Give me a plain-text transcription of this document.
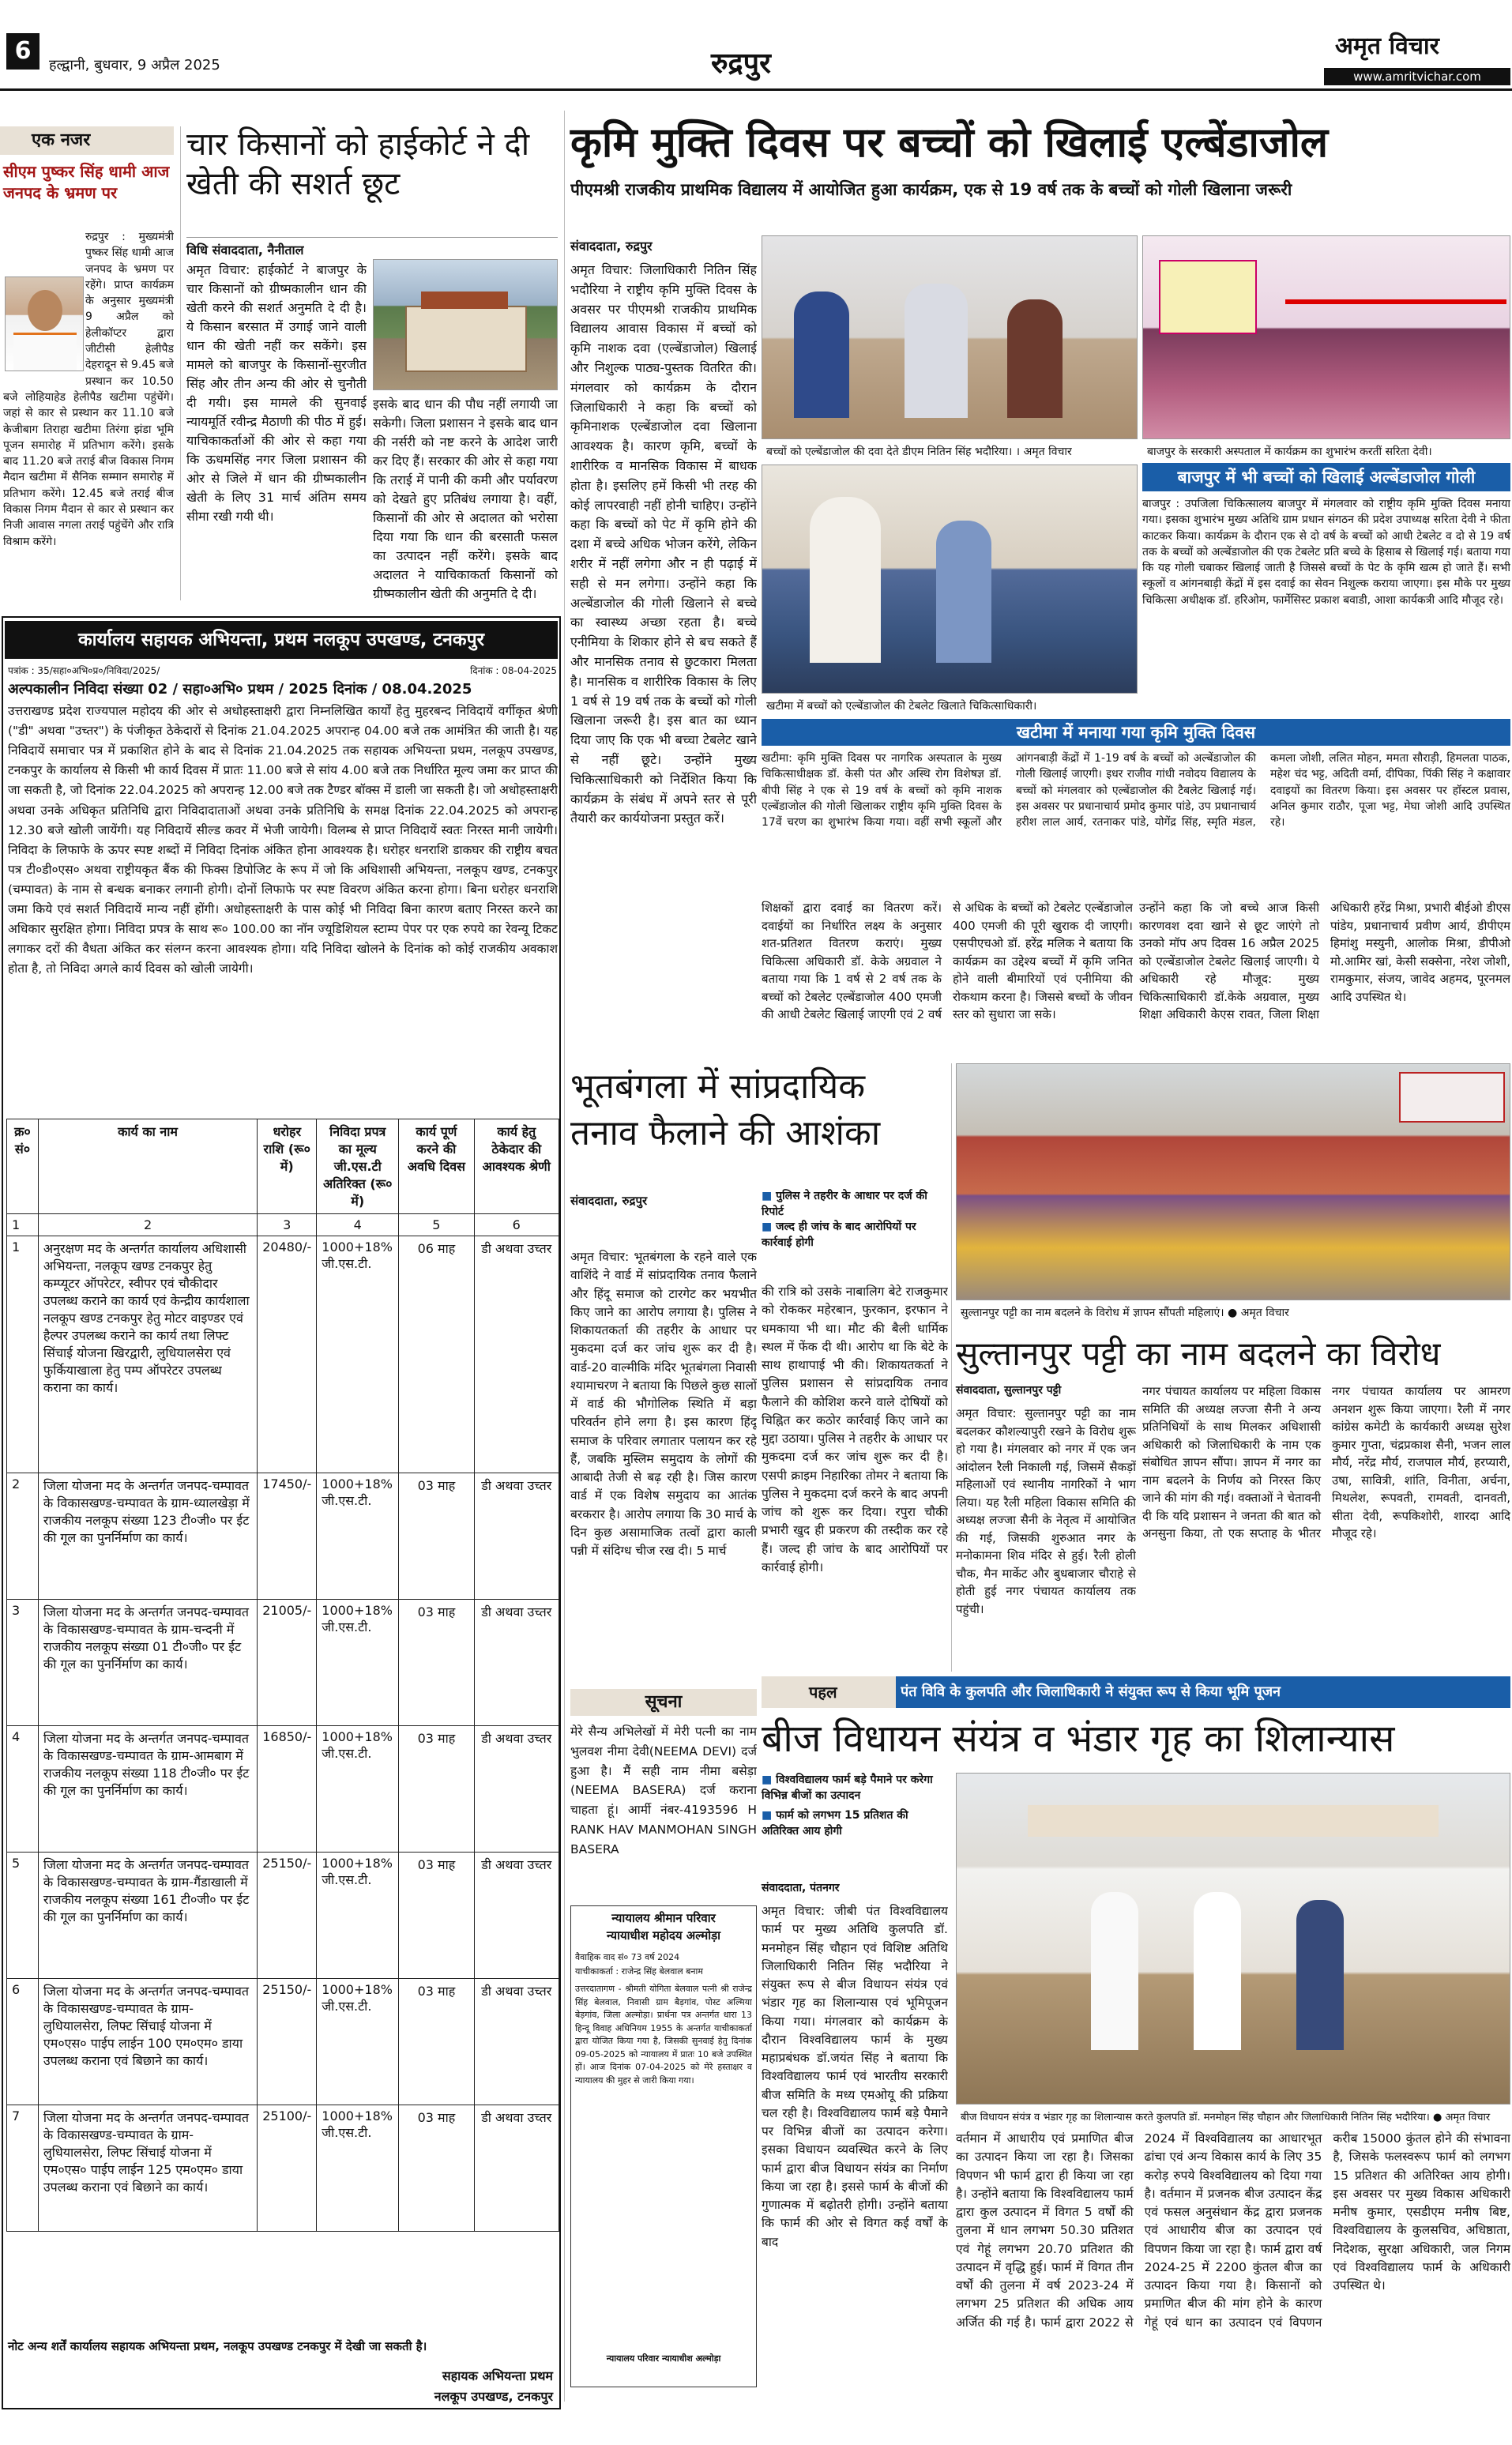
6
हल्द्वानी, बुधवार, 9 अप्रैल 2025	रुद्रपुर
अमृत विचार
www.amritvichar.com
एक नजर
सीएम पुष्कर सिंह धामी आज जनपद के भ्रमण पर
रुद्रपुर : मुख्यमंत्री पुष्कर सिंह धामी आज जनपद के भ्रमण पर रहेंगे। प्राप्त कार्यक्रम के अनुसार मुख्यमंत्री 9 अप्रैल को हेलीकॉप्टर द्वारा जीटीसी हेलीपैड देहरादून से 9.45 बजे प्रस्थान कर 10.50 बजे लोहियाहेड हेलीपैड खटीमा पहुंचेंगे। जहां से कार से प्रस्थान कर 11.10 बजे केजीबाग तिराहा खटीमा तिरंगा झंडा भूमि पूजन समारोह में प्रतिभाग करेंगे। इसके बाद 11.20 बजे तराई बीज विकास निगम मैदान खटीमा में सैनिक सम्मान समारोह में प्रतिभाग करेंगे। 12.45 बजे तराई बीज विकास निगम मैदान से कार से प्रस्थान कर निजी आवास नगला तराई पहुंचेंगे और रात्रि विश्राम करेंगे।
चार किसानों को हाईकोर्ट ने दी खेती की सशर्त छूट
विधि संवाददाता, नैनीताल
अमृत विचार: हाईकोर्ट ने बाजपुर के चार किसानों को ग्रीष्मकालीन धान की खेती करने की सशर्त अनुमति दे दी है। ये किसान बरसात में उगाई जाने वाली धान की खेती नहीं कर सकेंगे। इस मामले को बाजपुर के किसानों-सुरजीत सिंह और तीन अन्य की ओर से चुनौती दी गयी। इस मामले की सुनवाई न्यायमूर्ति रवीन्द्र मैठाणी की पीठ में हुई। याचिकाकर्ताओं की ओर से कहा गया कि ऊधमसिंह नगर जिला प्रशासन की ओर से जिले में धान की ग्रीष्मकालीन खेती के लिए 31 मार्च अंतिम समय सीमा रखी गयी थी।
इसके बाद धान की पौध नहीं लगायी जा सकेगी। जिला प्रशासन ने इसके बाद धान की नर्सरी को नष्ट करने के आदेश जारी कर दिए हैं। सरकार की ओर से कहा गया कि तराई में पानी की कमी और पर्यावरण को देखते हुए प्रतिबंध लगाया है। वहीं, किसानों की ओर से अदालत को भरोसा दिया गया कि धान की बरसाती फसल का उत्पादन नहीं करेंगे। इसके बाद अदालत ने याचिकाकर्ता किसानों को ग्रीष्मकालीन खेती की अनुमति दे दी।
कृमि मुक्ति दिवस पर बच्चों को खिलाई एल्बेंडाजोल
पीएमश्री राजकीय प्राथमिक विद्यालय में आयोजित हुआ कार्यक्रम, एक से 19 वर्ष तक के बच्चों को गोली खिलाना जरूरी
संवाददाता, रुद्रपुर
अमृत विचार: जिलाधिकारी नितिन सिंह भदौरिया ने राष्ट्रीय कृमि मुक्ति दिवस के अवसर पर पीएमश्री राजकीय प्राथमिक विद्यालय आवास विकास में बच्चों को कृमि नाशक दवा (एल्बेंडाजोल) खिलाई और निशुल्क पाठ्य-पुस्तक वितरित की। मंगलवार को कार्यक्रम के दौरान जिलाधिकारी ने कहा कि बच्चों को कृमिनाशक एल्बेंडाजोल दवा खिलाना आवश्यक है। कारण कृमि, बच्चों के शारीरिक व मानसिक विकास में बाधक होता है। इसलिए हमें किसी भी तरह की कोई लापरवाही नहीं होनी चाहिए। उन्होंने कहा कि बच्चों को पेट में कृमि होने की दशा में बच्चे अधिक भोजन करेंगे, लेकिन शरीर में नहीं लगेगा और न ही पढ़ाई में सही से मन लगेगा। उन्होंने कहा कि अल्बेंडाजोल की गोली खिलाने से बच्चे का स्वास्थ्य अच्छा रहता है। बच्चे एनीमिया के शिकार होने से बच सकते हैं और मानसिक तनाव से छुटकारा मिलता है। मानसिक व शारीरिक विकास के लिए 1 वर्ष से 19 वर्ष तक के बच्चों को गोली खिलाना जरूरी है। इस बात का ध्यान दिया जाए कि एक भी बच्चा टेबलेट खाने से नहीं छूटे। उन्होंने मुख्य चिकित्साधिकारी को निर्देशित किया कि कार्यक्रम के संबंध में अपने स्तर से पूरी तैयारी कर कार्ययोजना प्रस्तुत करें।
बच्चों को एल्बेंडाजोल की दवा देते डीएम नितिन सिंह भदौरिया। । अमृत विचार	बाजपुर के सरकारी अस्पताल में कार्यक्रम का शुभारंभ करतीं सरिता देवी।
खटीमा में बच्चों को एल्बेंडाजोल की टेबलेट खिलाते चिकित्साधिकारी।
बाजपुर में भी बच्चों को खिलाई अल्बेंडाजोल गोली
बाजपुर : उपजिला चिकित्सालय बाजपुर में मंगलवार को राष्ट्रीय कृमि मुक्ति दिवस मनाया गया। इसका शुभारंभ मुख्य अतिथि ग्राम प्रधान संगठन की प्रदेश उपाध्यक्ष सरिता देवी ने फीता काटकर किया। कार्यक्रम के दौरान एक से दो वर्ष के बच्चों को आधी टेबलेट व दो से 19 वर्ष तक के बच्चों को अल्बेंडाजोल की एक टेबलेट प्रति बच्चे के हिसाब से खिलाई गई। बताया गया कि यह गोली चबाकर खिलाई जाती है जिससे बच्चों के पेट के कृमि खत्म हो जाते हैं। सभी स्कूलों व आंगनबाड़ी केंद्रों में इस दवाई का सेवन निशुल्क कराया जाएगा। इस मौके पर मुख्य चिकित्सा अधीक्षक डॉ. हरिओम, फार्मेसिस्ट प्रकाश बवाडी, आशा कार्यकत्री आदि मौजूद रहे।
खटीमा में मनाया गया कृमि मुक्ति दिवस
खटीमा: कृमि मुक्ति दिवस पर नागरिक अस्पताल के मुख्य चिकित्साधीक्षक डॉ. केसी पंत और अस्थि रोग विशेषज्ञ डॉ. बीपी सिंह ने एक से 19 वर्ष के बच्चों को कृमि नाशक एल्बेंडाजोल की गोली खिलाकर राष्ट्रीय कृमि मुक्ति दिवस के 17वें चरण का शुभारंभ किया गया। वहीं सभी स्कूलों और आंगनबाड़ी केंद्रों में 1-19 वर्ष के बच्चों को अल्बेंडाजोल की गोली खिलाई जाएगी। इधर राजीव गांधी नवोदय विद्यालय के बच्चों को मंगलवार को एल्बेंडाजोल की टैबलेट खिलाई गई। इस अवसर पर प्रधानाचार्य प्रमोद कुमार पांडे, उप प्रधानाचार्य हरीश लाल आर्य, रतनाकर पांडे, योगेंद्र सिंह, स्मृति मंडल, कमला जोशी, ललित मोहन, ममता सौराड़ी, हिमलता पाठक, महेश चंद भट्ट, अदिती वर्मा, दीपिका, पिंकी सिंह ने कक्षावार दवाइयों का वितरण किया। इस अवसर पर हॉस्टल प्रवास, अनिल कुमार राठौर, पूजा भट्ट, मेघा जोशी आदि उपस्थित रहे।
शिक्षकों द्वारा दवाई का वितरण करें। दवाईयों का निर्धारित लक्ष्य के अनुसार शत-प्रतिशत वितरण कराएं। मुख्य चिकित्सा अधिकारी डॉ. केके अग्रवाल ने बताया गया कि 1 वर्ष से 2 वर्ष तक के बच्चों को टेबलेट एल्बेंडाजोल 400 एमजी की आधी टेबलेट खिलाई जाएगी एवं 2 वर्ष से अधिक के बच्चों को टेबलेट एल्बेंडाजोल 400 एमजी की पूरी खुराक दी जाएगी। एसपीएचओ डॉ. हरेंद्र मलिक ने बताया कि कार्यक्रम का उद्देश्य बच्चों में कृमि जनित होने वाली बीमारियों एवं एनीमिया की रोकथाम करना है। जिससे बच्चों के जीवन स्तर को सुधारा जा सके।
उन्होंने कहा कि जो बच्चे आज किसी कारणवश दवा खाने से छूट जाएंगे तो उनको मॉप अप दिवस 16 अप्रैल 2025 को एल्बेंडाजोल टेबलेट खिलाई जाएगी। ये अधिकारी रहे मौजूद: मुख्य चिकित्साधिकारी डॉ.केके अग्रवाल, मुख्य शिक्षा अधिकारी केएस रावत, जिला शिक्षा अधिकारी हरेंद्र मिश्रा, प्रभारी बीईओ डीएस पांडेय, प्रधानाचार्य प्रवीण आर्य, डीपीएम हिमांशु मस्युनी, आलोक मिश्रा, डीपीओ मो.आमिर खां, केसी सक्सेना, नरेश जोशी, रामकुमार, संजय, जावेद अहमद, पूरनमल आदि उपस्थित थे।
कार्यालय सहायक अभियन्ता, प्रथम नलकूप उपखण्ड, टनकपुर
पत्रांक : 35/सहा०अभि०प्र०/निविदा/2025/	दिनांक : 08-04-2025
अल्पकालीन निविदा संख्या 02 / सहा०अभि० प्रथम / 2025 दिनांक / 08.04.2025
उत्तराखण्ड प्रदेश राज्यपाल महोदय की ओर से अधोहस्ताक्षरी द्वारा निम्नलिखित कार्यों हेतु मुहरबन्द निविदायें वर्गीकृत श्रेणी ("डी" अथवा "उच्तर") के पंजीकृत ठेकेदारों से दिनांक 21.04.2025 अपरान्ह 04.00 बजे तक आमंत्रित की जाती है। यह निविदायें समाचार पत्र में प्रकाशित होने के बाद से दिनांक 21.04.2025 तक सहायक अभियन्ता प्रथम, नलकूप उपखण्ड, टनकपुर के कार्यालय से किसी भी कार्य दिवस में प्रातः 11.00 बजे से सांय 4.00 बजे तक निर्धारित मूल्य जमा कर प्राप्त की जा सकती है, जो दिनांक 22.04.2025 को अपरान्ह 12.00 बजे तक टैण्डर बॉक्स में डाली जा सकती है। जो अधोहस्ताक्षरी अथवा उनके अधिकृत प्रतिनिधि द्वारा निविदादाताओं अथवा उनके प्रतिनिधि के समक्ष दिनांक 22.04.2025 को अपरान्ह 12.30 बजे खोली जायेंगी। यह निविदायें सील्ड कवर में भेजी जायेगी। विलम्ब से प्राप्त निविदायें स्वतः निरस्त मानी जायेगी। निविदा के लिफाफे के ऊपर स्पष्ट शब्दों में निविदा दिनांक अंकित होना आवश्यक है। धरोहर धनराशि डाकघर की राष्ट्रीय बचत पत्र टी०डी०एस० अथवा राष्ट्रीयकृत बैंक की फिक्स डिपोजिट के रूप में जो कि अधिशासी अभियन्ता, नलकूप खण्ड, टनकपुर (चम्पावत) के नाम से बन्धक बनाकर लगानी होगी। दोनों लिफाफे पर स्पष्ट विवरण अंकित करना होगा। बिना धरोहर धनराशि जमा किये एवं सशर्त निविदायें मान्य नहीं होंगी। अधोहस्ताक्षरी के पास कोई भी निविदा बिना कारण बताए निरस्त करने का अधिकार सुरक्षित होगा। निविदा प्रपत्र के साथ रू० 100.00 का नॉन ज्यूडिशियल स्टाम्प पेपर पर एक रुपये का रेवन्यू टिकट लगाकर दरों की वैधता अंकित कर संलग्न करना आवश्यक होगा। यदि निविदा खोलने के दिनांक को कोई राजकीय अवकाश होता है, तो निविदा अगले कार्य दिवस को खोली जायेगी।
क्र० सं०	कार्य का नाम	धरोहर राशि (रू० में)	निविदा प्रपत्र का मूल्य जी.एस.टी अतिरिक्त (रू० में)	कार्य पूर्ण करने की अवधि दिवस	कार्य हेतु ठेकेदार की आवश्यक श्रेणी
1	2	3	4	5	6
1	अनुरक्षण मद के अन्तर्गत कार्यालय अधिशासी अभियन्ता, नलकूप खण्ड टनकपुर हेतु कम्प्यूटर ऑपरेटर, स्वीपर एवं चौकीदार उपलब्ध कराने का कार्य एवं केन्द्रीय कार्यशाला नलकूप खण्ड टनकपुर हेतु मोटर वाइण्डर एवं हैल्पर उपलब्ध कराने का कार्य तथा लिफ्ट सिंचाई योजना खिरद्वारी, लुधियालसेरा एवं फुर्कियाखाला हेतु पम्प ऑपरेटर उपलब्ध कराना का कार्य।	20480/-	1000+18% जी.एस.टी.	06 माह	डी अथवा उच्तर
2	जिला योजना मद के अन्तर्गत जनपद-चम्पावत के विकासखण्ड-चम्पावत के ग्राम-ध्यालखेड़ा में राजकीय नलकूप संख्या 123 टी०जी० पर ईट की गूल का पुनर्निर्माण का कार्य।	17450/-	1000+18% जी.एस.टी.	03 माह	डी अथवा उच्तर
3	जिला योजना मद के अन्तर्गत जनपद-चम्पावत के विकासखण्ड-चम्पावत के ग्राम-चन्दनी में राजकीय नलकूप संख्या 01 टी०जी० पर ईट की गूल का पुनर्निर्माण का कार्य।	21005/-	1000+18% जी.एस.टी.	03 माह	डी अथवा उच्तर
4	जिला योजना मद के अन्तर्गत जनपद-चम्पावत के विकासखण्ड-चम्पावत के ग्राम-आमबाग में राजकीय नलकूप संख्या 118 टी०जी० पर ईट की गूल का पुनर्निर्माण का कार्य।	16850/-	1000+18% जी.एस.टी.	03 माह	डी अथवा उच्तर
5	जिला योजना मद के अन्तर्गत जनपद-चम्पावत के विकासखण्ड-चम्पावत के ग्राम-गैंडाखाली में राजकीय नलकूप संख्या 161 टी०जी० पर ईट की गूल का पुनर्निर्माण का कार्य।	25150/-	1000+18% जी.एस.टी.	03 माह	डी अथवा उच्तर
6	जिला योजना मद के अन्तर्गत जनपद-चम्पावत के विकासखण्ड-चम्पावत के ग्राम-लुधियालसेरा, लिफ्ट सिंचाई योजना में एम०एस० पाईप लाईन 100 एम०एम० डाया उपलब्ध कराना एवं बिछाने का कार्य।	25150/-	1000+18% जी.एस.टी.	03 माह	डी अथवा उच्तर
7	जिला योजना मद के अन्तर्गत जनपद-चम्पावत के विकासखण्ड-चम्पावत के ग्राम-लुधियालसेरा, लिफ्ट सिंचाई योजना में एम०एस० पाईप लाईन 125 एम०एम० डाया उपलब्ध कराना एवं बिछाने का कार्य।	25100/-	1000+18% जी.एस.टी.	03 माह	डी अथवा उच्तर
नोट अन्य शर्तें कार्यालय सहायक अभियन्ता प्रथम, नलकूप उपखण्ड टनकपुर में देखी जा सकती है।
सहायक अभियन्ता प्रथम
नलकूप उपखण्ड, टनकपुर
भूतबंगला में सांप्रदायिक तनाव फैलाने की आशंका
संवाददाता, रुद्रपुर	■ पुलिस ने तहरीर के आधार पर दर्ज की रिपोर्ट
■ जल्द ही जांच के बाद आरोपियों पर कार्रवाई होगी
अमृत विचार: भूतबंगला के रहने वाले एक वाशिंदे ने वार्ड में सांप्रदायिक तनाव फैलाने और हिंदू समाज को टारगेट कर भयभीत किए जाने का आरोप लगाया है। पुलिस ने शिकायतकर्ता की तहरीर के आधार पर मुकदमा दर्ज कर जांच शुरू कर दी है। वार्ड-20 वाल्मीकि मंदिर भूतबंगला निवासी श्यामाचरण ने बताया कि पिछले कुछ सालों में वार्ड की भौगोलिक स्थिति में बड़ा परिवर्तन होने लगा है। इस कारण हिंदू समाज के परिवार लगातार पलायन कर रहे हैं, जबकि मुस्लिम समुदाय के लोगों की आबादी तेजी से बढ़ रही है। जिस कारण वार्ड में एक विशेष समुदाय का आतंक बरकरार है। आरोप लगाया कि 30 मार्च के दिन कुछ असामाजिक तत्वों द्वारा काली पन्नी में संदिग्ध चीज रख दी। 5 मार्च
की रात्रि को उसके नाबालिग बेटे राजकुमार को रोककर महेरबान, फुरकान, इरफान ने धमकाया भी था। मौट की बैली धार्मिक स्थल में फेंक दी थी। आरोप था कि बेटे के साथ हाथापाई भी की। शिकायतकर्ता ने पुलिस प्रशासन से सांप्रदायिक तनाव फैलाने की कोशिश करने वाले दोषियों को चिह्नित कर कठोर कार्रवाई किए जाने का मुद्दा उठाया। पुलिस ने तहरीर के आधार पर मुकदमा दर्ज कर जांच शुरू कर दी है। एसपी क्राइम निहारिका तोमर ने बताया कि पुलिस ने मुकदमा दर्ज करने के बाद अपनी जांच को शुरू कर दिया। रपुरा चौकी प्रभारी खुद ही प्रकरण की तस्दीक कर रहे हैं। जल्द ही जांच के बाद आरोपियों पर कार्रवाई होगी।
सुल्तानपुर पट्टी का नाम बदलने के विरोध में ज्ञापन सौंपती महिलाएं। ● अमृत विचार
सुल्तानपुर पट्टी का नाम बदलने का विरोध
संवाददाता, सुल्तानपुर पट्टी
अमृत विचार: सुल्तानपुर पट्टी का नाम बदलकर कौशल्यापुरी रखने के विरोध शुरू हो गया है। मंगलवार को नगर में एक जन आंदोलन रैली निकाली गई, जिसमें सैकड़ों महिलाओं एवं स्थानीय नागरिकों ने भाग लिया। यह रैली महिला विकास समिति की अध्यक्ष लज्जा सैनी के नेतृत्व में आयोजित की गई, जिसकी शुरुआत नगर के मनोकामना शिव मंदिर से हुई। रैली होली चौक, मैन मार्केट और बुधबाजार चौराहे से होती हुई नगर पंचायत कार्यालय तक पहुंची।
नगर पंचायत कार्यालय पर महिला विकास समिति की अध्यक्ष लज्जा सैनी ने अन्य प्रतिनिधियों के साथ मिलकर अधिशासी अधिकारी को जिलाधिकारी के नाम एक संबोधित ज्ञापन सौंपा। ज्ञापन में नगर का नाम बदलने के निर्णय को निरस्त किए जाने की मांग की गई। वक्ताओं ने चेतावनी दी कि यदि प्रशासन ने जनता की बात को अनसुना किया, तो एक सप्ताह के भीतर नगर पंचायत कार्यालय पर आमरण अनशन शुरू किया जाएगा। रैली में नगर कांग्रेस कमेटी के कार्यकारी अध्यक्ष सुरेश कुमार गुप्ता, चंद्रप्रकाश सैनी, भजन लाल मौर्य, नरेंद्र मौर्य, राजपाल मौर्य, हरप्यारी, उषा, सावित्री, शांति, विनीता, अर्चना, मिथलेश, रूपवती, रामवती, दानवती, सीता देवी, रूपकिशोरी, शारदा आदि मौजूद रहे।
सूचना
मेरे सैन्य अभिलेखों में मेरी पत्नी का नाम भुलवश नीमा देवी(NEEMA DEVI) दर्ज हुआ है। मैं सही नाम नीमा बसेड़ा (NEEMA BASERA) दर्ज कराना चाहता हूं। आर्मी नंबर-4193596 H RANK HAV MANMOHAN SINGH BASERA
न्यायालय श्रीमान परिवार
न्यायाधीश महोदय अल्मोड़ा
वैवाहिक वाद सं० 73 वर्ष 2024
याचीकाकर्ता : राजेन्द्र सिंह बेलवाल बनाम
उत्तरदातागण - श्रीमती योगिता बेलवाल पत्नी श्री राजेन्द्र सिंह बेलवाल, निवासी ग्राम बैड़गांव, पोस्ट अल्मिया बेड़गांव, जिला अल्मोड़ा। प्रार्थना पत्र अन्तर्गत धारा 13 हिन्दू विवाह अधिनियम 1955 के अन्तर्गत याचीकाकर्ता द्वारा योजित किया गया है, जिसकी सुनवाई हेतु दिनांक 09-05-2025 को न्यायालय में प्रातः 10 बजे उपस्थित हों। आज दिनांक 07-04-2025 को मेरे हस्ताक्षर व न्यायालय की मुहर से जारी किया गया।
न्यायालय परिवार न्यायाधीश अल्मोड़ा
पहल	पंत विवि के कुलपति और जिलाधिकारी ने संयुक्त रूप से किया भूमि पूजन
बीज विधायन संयंत्र व भंडार गृह का शिलान्यास
■ विश्वविद्यालय फार्म बड़े पैमाने पर करेगा विभिन्न बीजों का उत्पादन
■ फार्म को लगभग 15 प्रतिशत की अतिरिक्त आय होगी
संवाददाता, पंतनगर
अमृत विचार: जीबी पंत विश्वविद्यालय फार्म पर मुख्य अतिथि कुलपति डॉ. मनमोहन सिंह चौहान एवं विशिष्ट अतिथि जिलाधिकारी नितिन सिंह भदौरिया ने संयुक्त रूप से बीज विधायन संयंत्र एवं भंडार गृह का शिलान्यास एवं भूमिपूजन किया गया। मंगलवार को कार्यक्रम के दौरान विश्वविद्यालय फार्म के मुख्य महाप्रबंधक डॉ.जयंत सिंह ने बताया कि विश्वविद्यालय फार्म एवं भारतीय सरकारी बीज समिति के मध्य एमओयू की प्रक्रिया चल रही है। विश्वविद्यालय फार्म बड़े पैमाने पर विभिन्न बीजों का उत्पादन करेगा। इसका विधायन व्यवस्थित करने के लिए फार्म द्वारा बीज विधायन संयंत्र का निर्माण किया जा रहा है। इससे फार्म के बीजों की गुणात्मक में बढ़ोतरी होगी। उन्होंने बताया कि फार्म की ओर से विगत कई वर्षों के बाद
बीज विधायन संयंत्र व भंडार गृह का शिलान्यास करते कुलपति डॉ. मनमोहन सिंह चौहान और जिलाधिकारी नितिन सिंह भदौरिया। ● अमृत विचार
वर्तमान में आधारीय एवं प्रमाणित बीज का उत्पादन किया जा रहा है। जिसका विपणन भी फार्म द्वारा ही किया जा रहा है। उन्होंने बताया कि विश्वविद्यालय फार्म द्वारा कुल उत्पादन में विगत 5 वर्षों की तुलना में धान लगभग 50.30 प्रतिशत एवं गेहूं लगभग 20.70 प्रतिशत की उत्पादन में वृद्धि हुई। फार्म में विगत तीन वर्षों की तुलना में वर्ष 2023-24 में लगभग 25 प्रतिशत की अधिक आय अर्जित की गई है। फार्म द्वारा 2022 से 2024 में विश्वविद्यालय का आधारभूत ढांचा एवं अन्य विकास कार्य के लिए 35 करोड़ रुपये विश्वविद्यालय को दिया गया है। वर्तमान में प्रजनक बीज उत्पादन केंद्र एवं फसल अनुसंधान केंद्र द्वारा प्रजनक एवं आधारीय बीज का उत्पादन एवं विपणन किया जा रहा है। फार्म द्वारा वर्ष 2024-25 में 2200 कुंतल बीज का उत्पादन किया गया है। किसानों को प्रमाणित बीज की मांग होने के कारण गेहूं एवं धान का उत्पादन एवं विपणन करीब 15000 कुंतल होने की संभावना है, जिसके फलस्वरूप फार्म को लगभग 15 प्रतिशत की अतिरिक्त आय होगी। इस अवसर पर मुख्य विकास अधिकारी मनीष कुमार, एसडीएम मनीष बिष्ट, विश्वविद्यालय के कुलसचिव, अधिष्ठाता, निदेशक, सुरक्षा अधिकारी, जल निगम एवं विश्वविद्यालय फार्म के अधिकारी उपस्थित थे।
